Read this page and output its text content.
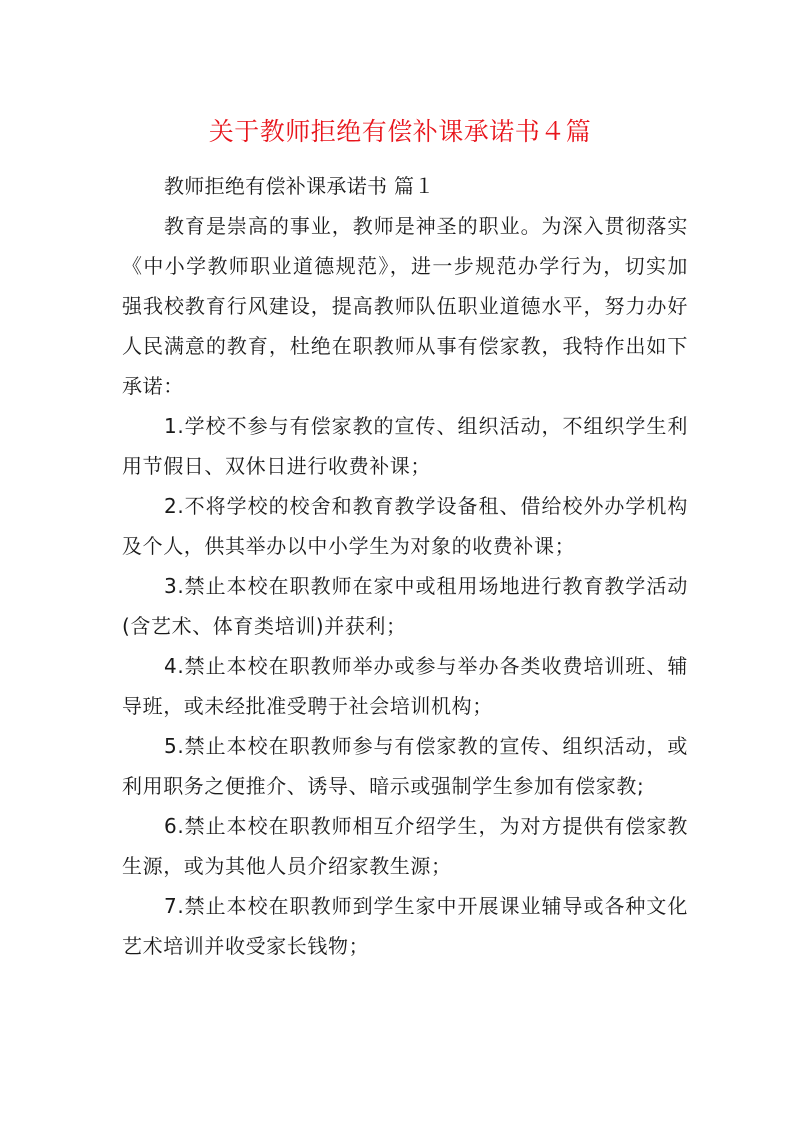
关于教师拒绝有偿补课承诺书４篇

教师拒绝有偿补课承诺书 篇１

教育是崇高的事业，教师是神圣的职业。为深入贯彻落实《中小学教师职业道德规范》，进一步规范办学行为，切实加强我校教育行风建设，提高教师队伍职业道德水平，努力办好人民满意的教育，杜绝在职教师从事有偿家教，我特作出如下承诺：

1.学校不参与有偿家教的宣传、组织活动，不组织学生利用节假日、双休日进行收费补课；

2.不将学校的校舍和教育教学设备租、借给校外办学机构及个人，供其举办以中小学生为对象的收费补课；

3.禁止本校在职教师在家中或租用场地进行教育教学活动(含艺术、体育类培训)并获利；

4.禁止本校在职教师举办或参与举办各类收费培训班、辅导班，或未经批准受聘于社会培训机构；

5.禁止本校在职教师参与有偿家教的宣传、组织活动，或利用职务之便推介、诱导、暗示或强制学生参加有偿家教;

6.禁止本校在职教师相互介绍学生，为对方提供有偿家教生源，或为其他人员介绍家教生源；

7.禁止本校在职教师到学生家中开展课业辅导或各种文化艺术培训并收受家长钱物；
